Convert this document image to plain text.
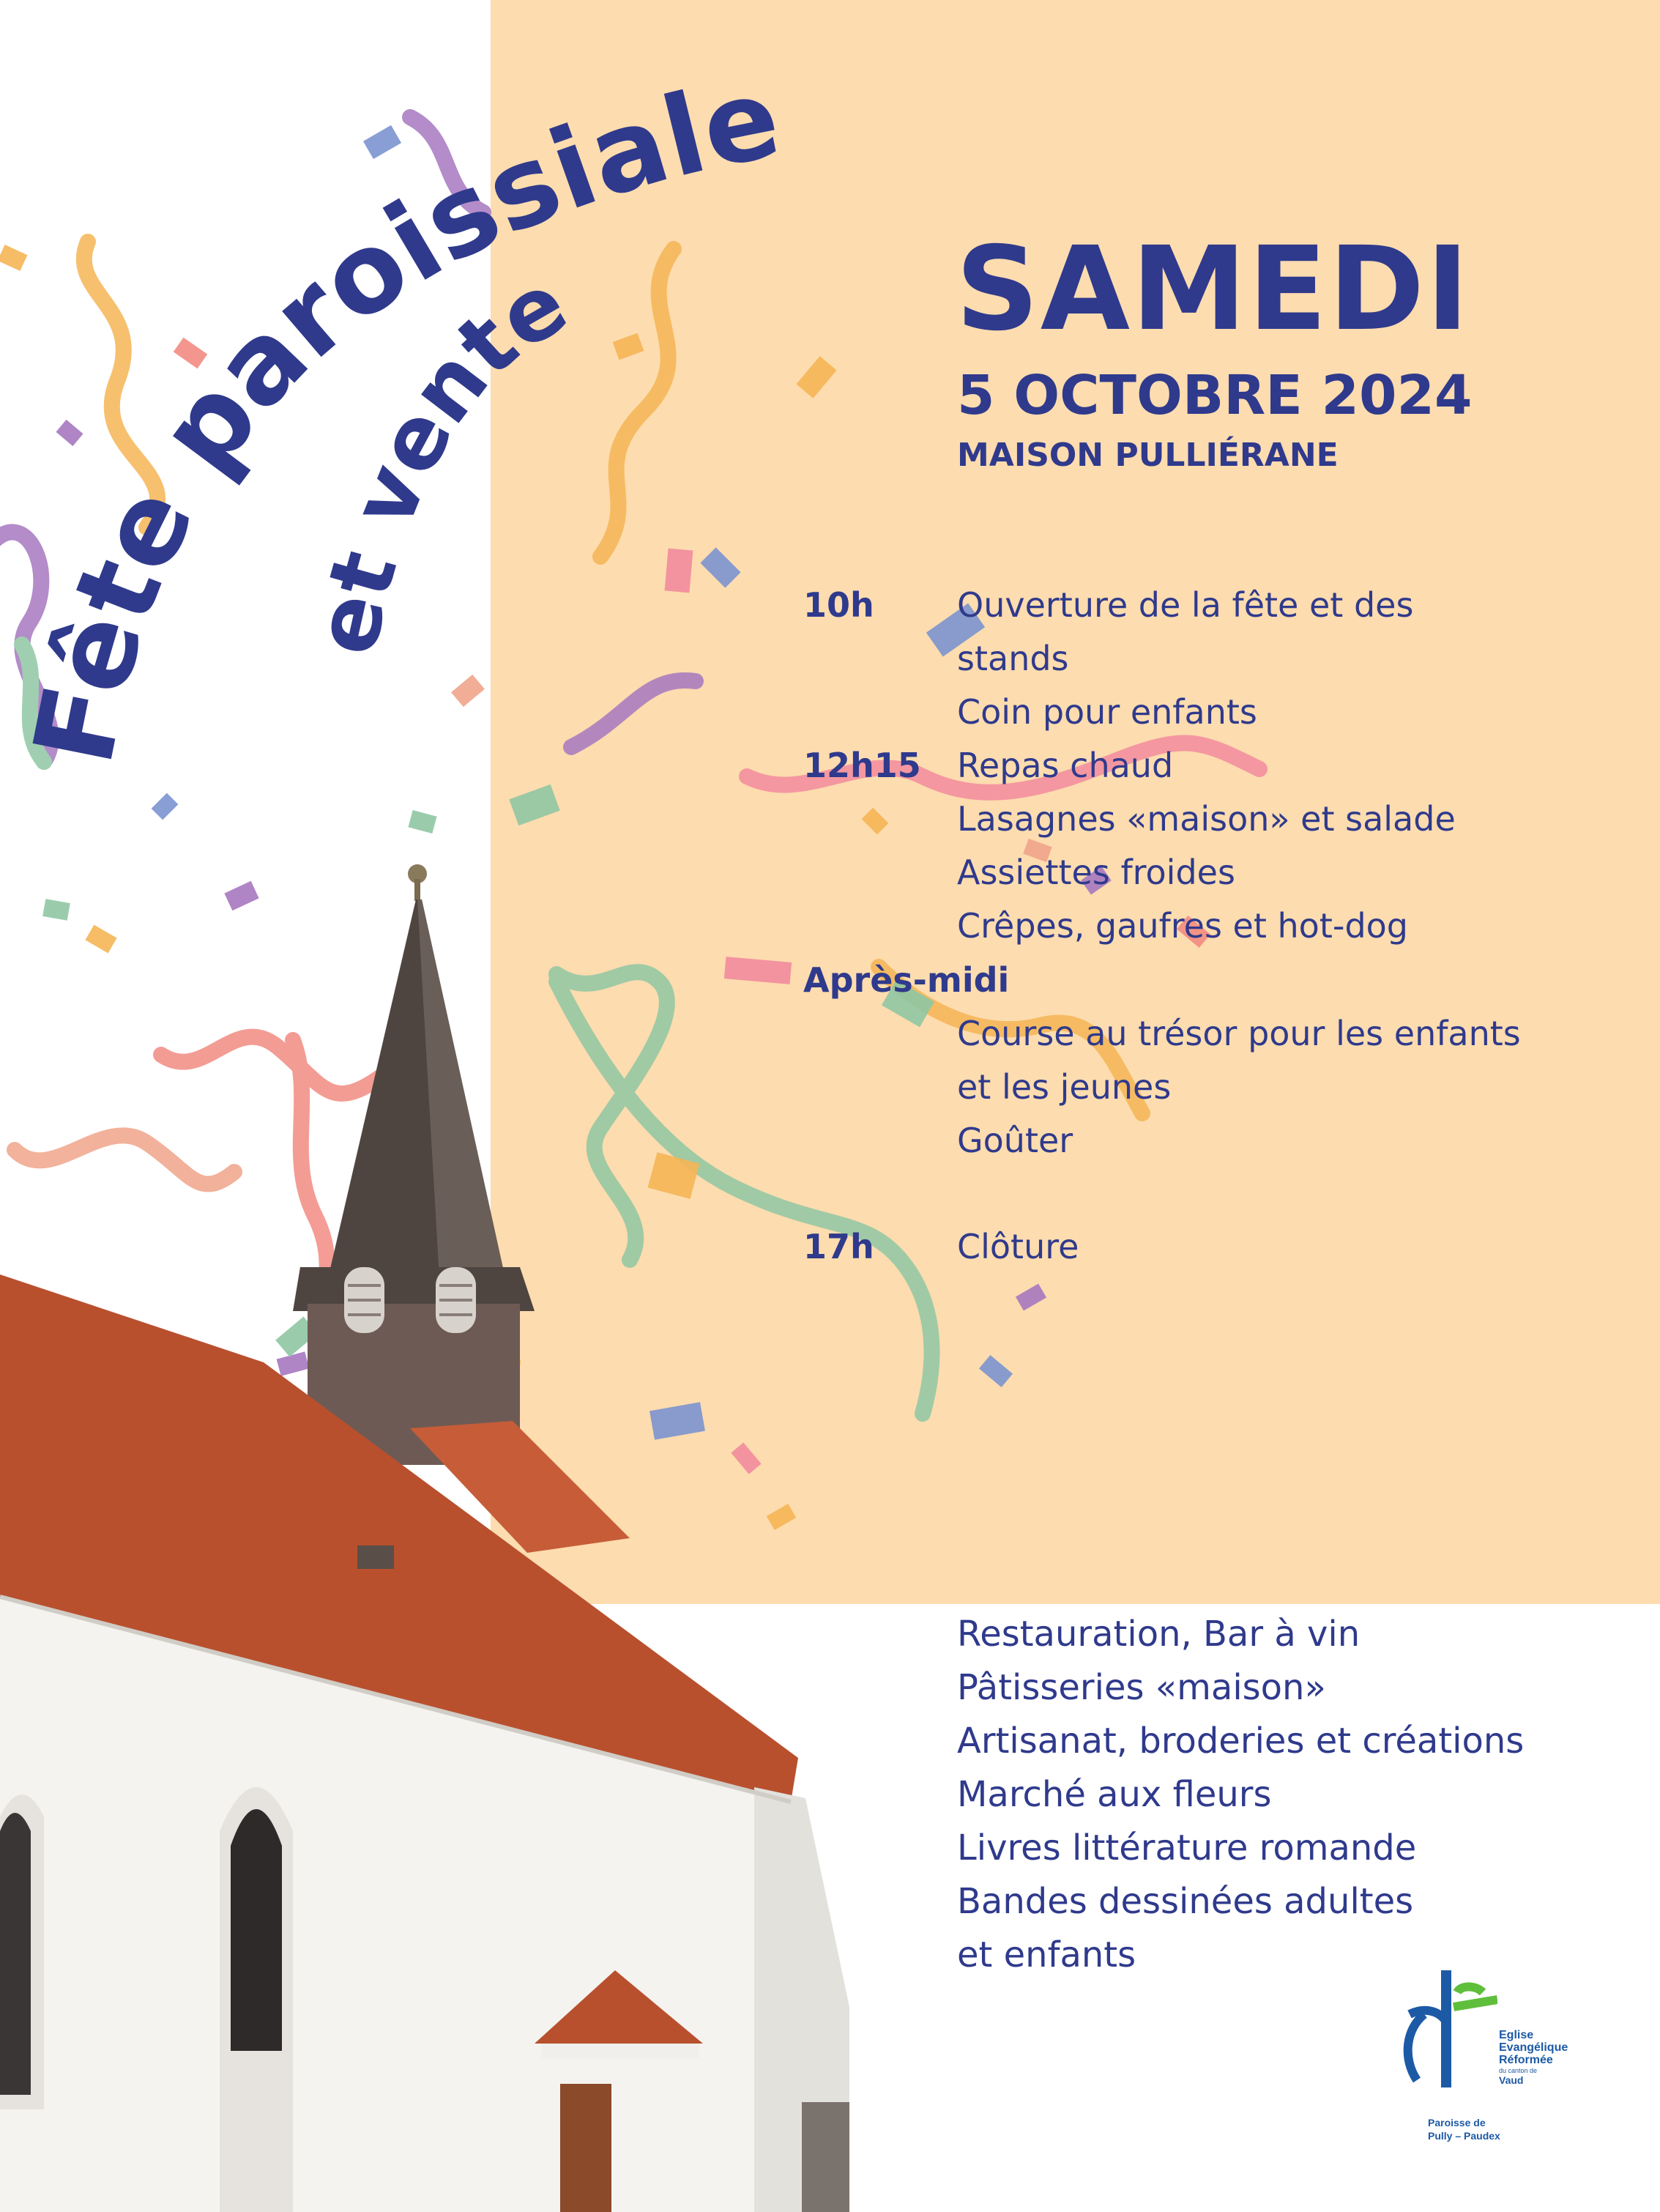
Fête paroissiale
et vente	SAMEDI

5 OCTOBRE 2024

MAISON PULLIÉRANE

10h Ouverture de la fête et des
stands
Coin pour enfants
12h15 Repas chaud
Lasagnes «maison» et salade
Assiettes froides
Crêpes, gaufres et hot-dog
Après-midi

Course au trésor pour les enfants
et les jeunes
Goûter
17h Clôture
Restauration, Bar à vin
Pâtisseries «maison»
Artisanat, broderies et créations
Marché aux fleurs
Livres littérature romande
Bandes dessinées adultes
et enfants
Eglise
Evangélique
Réformée
du canton de
Vaud
Paroisse de
Pully – Paudex
